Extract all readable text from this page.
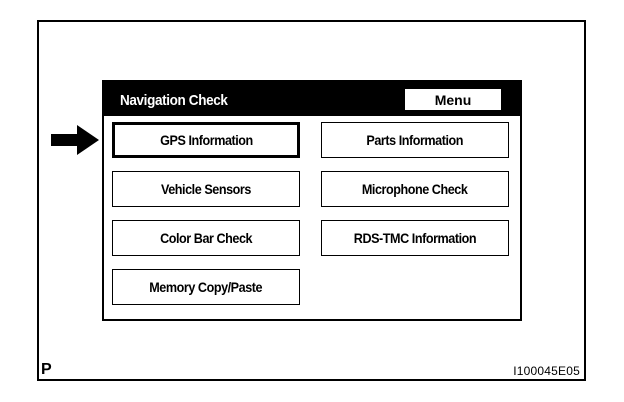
Navigation Check	Menu
GPS Information	Parts Information
Vehicle Sensors	Microphone Check
Color Bar Check	RDS-TMC Information
Memory Copy/Paste
P	I100045E05
